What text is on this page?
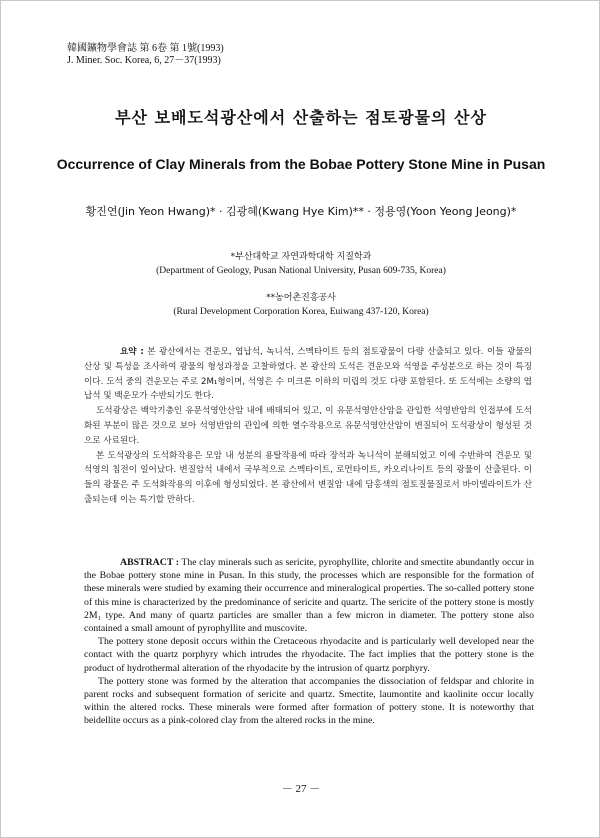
韓國鑛物學會誌 第 6卷 第 1號(1993)
J. Miner. Soc. Korea, 6, 27－37(1993)
부산 보배도석광산에서 산출하는 점토광물의 산상
Occurrence of Clay Minerals from the Bobae Pottery Stone Mine in Pusan
황진연(Jin Yeon Hwang)* · 김광혜(Kwang Hye Kim)** · 정용영(Yoon Yeong Jeong)*
*부산대학교 자연과학대학 지질학과
(Department of Geology, Pusan National University, Pusan 609-735, Korea)
**농어촌진흥공사
(Rural Development Corporation Korea, Euiwang 437-120, Korea)

요약 : 본 광산에서는 견운모, 엽납석, 녹니석, 스멕타이트 등의 점토광물이 다량 산출되고 있다. 이들 광물의 산상 및 특성을 조사하여 광물의 형성과정을 고찰하였다. 본 광산의 도석은 견운모와 석영을 주성분으로 하는 것이 특징이다. 도석 중의 견운모는 주로 2M₁형이며, 석영은 수 미크론 이하의 미립의 것도 다량 포함된다. 또 도석에는 소량의 엽납석 및 백운모가 수반되기도 한다.

도석광상은 백악기층인 유문석영안산암 내에 배태되어 있고, 이 유문석영안산암을 관입한 석영반암의 인접부에 도석화된 부분이 많은 것으로 보아 석영반암의 관입에 의한 열수작용으로 유문석영안산암이 변질되어 도석광상이 형성된 것으로 사료된다.

본 도석광상의 도석화작용은 모암 내 성분의 용탈작용에 따라 장석과 녹니석이 분해되었고 이에 수반하여 견운모 및 석영의 침전이 일어났다. 변질암석 내에서 국부적으로 스멕타이트, 로먼타이트, 카오리나이트 등의 광물이 산출된다. 이들의 광물은 주 도석화작용의 이후에 형성되었다. 본 광산에서 변질암 내에 담홍색의 점토질물질로서 바이델라이트가 산출되는데 이는 특기할 만하다.

ABSTRACT : The clay minerals such as sericite, pyrophyllite, chlorite and smectite abundantly occur in the Bobae pottery stone mine in Pusan. In this study, the processes which are responsible for the formation of these minerals were studied by examing their occurrence and mineralogical properties. The so-called pottery stone of this mine is characterized by the predominance of sericite and quartz. The sericite of the pottery stone is mostly 2M₁ type. And many of quartz particles are smaller than a few micron in diameter. The pottery stone also contained a small amount of pyrophyllite and muscovite.

The pottery stone deposit occurs within the Cretaceous rhyodacite and is particularly well developed near the contact with the quartz porphyry which intrudes the rhyodacite. The fact implies that the pottery stone is the product of hydrothermal alteration of the rhyodacite by the intrusion of quartz porphyry.

The pottery stone was formed by the alteration that accompanies the dissociation of feldspar and chlorite in parent rocks and subsequent formation of sericite and quartz. Smectite, laumontite and kaolinite occur locally within the altered rocks. These minerals were formed after formation of pottery stone. It is noteworthy that beidellite occurs as a pink-colored clay from the altered rocks in the mine.

－ 27 －
